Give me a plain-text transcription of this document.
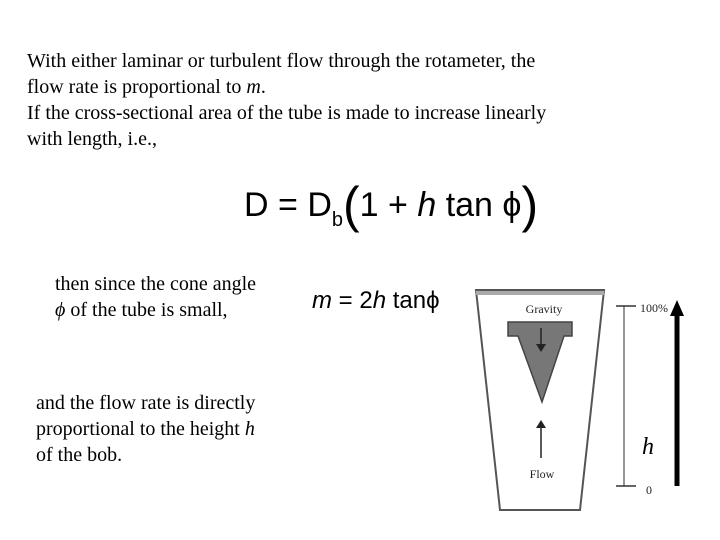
With either laminar or turbulent flow through the rotameter, the
flow rate is proportional to m.
If the cross-sectional area of the tube is made to increase linearly
with length, i.e.,
$D = D_b(1 + h$ tan ϕ)
then since the cone angle
ϕ of the tube is small,	m = 2h tanϕ
and the flow rate is directly
proportional to the height h
of the bob.
Gravity
Flow
100%
0
h
